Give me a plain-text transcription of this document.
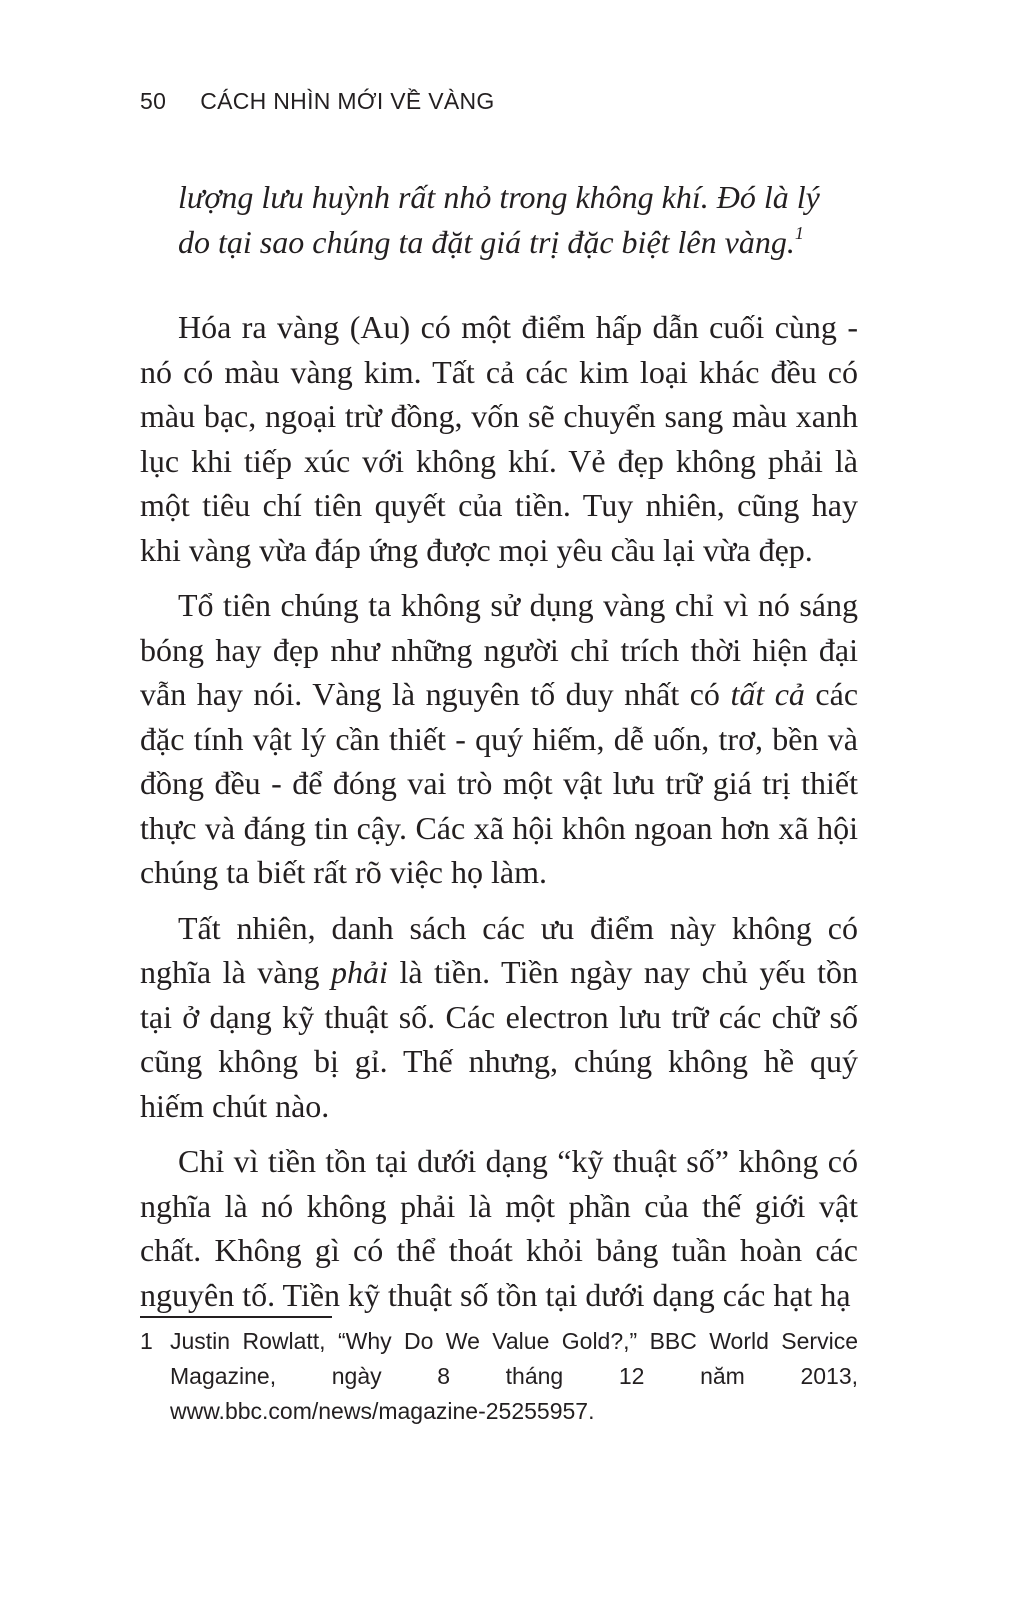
50 CÁCH NHÌN MỚI VỀ VÀNG

lượng lưu huỳnh rất nhỏ trong không khí. Đó là lý do tại sao chúng ta đặt giá trị đặc biệt lên vàng.$^1$

Hóa ra vàng (Au) có một điểm hấp dẫn cuối cùng - nó có màu vàng kim. Tất cả các kim loại khác đều có màu bạc, ngoại trừ đồng, vốn sẽ chuyển sang màu xanh lục khi tiếp xúc với không khí. Vẻ đẹp không phải là một tiêu chí tiên quyết của tiền. Tuy nhiên, cũng hay khi vàng vừa đáp ứng được mọi yêu cầu lại vừa đẹp.

Tổ tiên chúng ta không sử dụng vàng chỉ vì nó sáng bóng hay đẹp như những người chỉ trích thời hiện đại vẫn hay nói. Vàng là nguyên tố duy nhất có tất cả các đặc tính vật lý cần thiết - quý hiếm, dễ uốn, trơ, bền và đồng đều - để đóng vai trò một vật lưu trữ giá trị thiết thực và đáng tin cậy. Các xã hội khôn ngoan hơn xã hội chúng ta biết rất rõ việc họ làm.

Tất nhiên, danh sách các ưu điểm này không có nghĩa là vàng phải là tiền. Tiền ngày nay chủ yếu tồn tại ở dạng kỹ thuật số. Các electron lưu trữ các chữ số cũng không bị gỉ. Thế nhưng, chúng không hề quý hiếm chút nào.

Chỉ vì tiền tồn tại dưới dạng “kỹ thuật số” không có nghĩa là nó không phải là một phần của thế giới vật chất. Không gì có thể thoát khỏi bảng tuần hoàn các nguyên tố. Tiền kỹ thuật số tồn tại dưới dạng các hạt hạ

1 Justin Rowlatt, “Why Do We Value Gold?,” BBC World Service Magazine, ngày 8 tháng 12 năm 2013, www.bbc.com/news/magazine-25255957.
